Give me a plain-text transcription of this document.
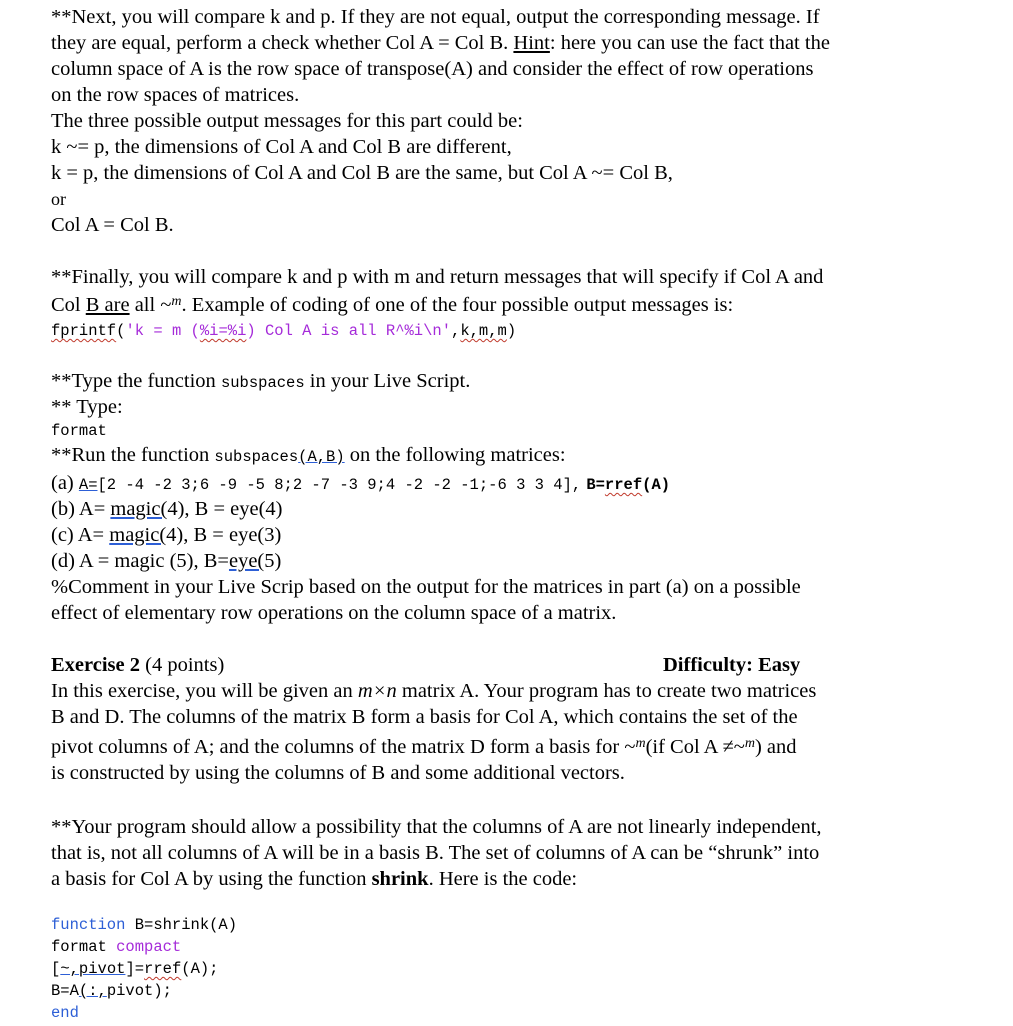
**Next, you will compare k and p. If they are not equal, output the corresponding message. If
they are equal, perform a check whether Col A = Col B. Hint: here you can use the fact that the
column space of A is the row space of transpose(A) and consider the effect of row operations
on the row spaces of matrices.
The three possible output messages for this part could be:
k ~= p, the dimensions of Col A and Col B are different,
k = p, the dimensions of Col A and Col B are the same, but Col A ~= Col B,
or
Col A = Col B.
**Finally, you will compare k and p with m and return messages that will specify if Col A and
Col B are all ~$^m$. Example of coding of one of the four possible output messages is:
fprintf('k = m (%i=%i) Col A is all R^%i\n',k,m,m)
**Type the function subspaces in your Live Script.
** Type:
format
**Run the function subspaces(A,B) on the following matrices:
(a) A=[2 -4 -2 3;6 -9 -5 8;2 -7 -3 9;4 -2 -2 -1;-6 3 3 4], B=rref(A)
(b) A= magic(4), B = eye(4)
(c) A= magic(4), B = eye(3)
(d) A = magic (5), B=eye(5)
%Comment in your Live Scrip based on the output for the matrices in part (a) on a possible
effect of elementary row operations on the column space of a matrix.
Exercise 2 (4 points)	Difficulty: Easy
In this exercise, you will be given an m×n matrix A. Your program has to create two matrices
B and D. The columns of the matrix B form a basis for Col A, which contains the set of the
pivot columns of A; and the columns of the matrix D form a basis for ~$^m$(if Col A ≠~$^m$) and
is constructed by using the columns of B and some additional vectors.
**Your program should allow a possibility that the columns of A are not linearly independent,
that is, not all columns of A will be in a basis B. The set of columns of A can be “shrunk” into
a basis for Col A by using the function shrink. Here is the code:
function B=shrink(A)
format compact
[~,pivot]=rref(A);
B=A(:,pivot);
end
